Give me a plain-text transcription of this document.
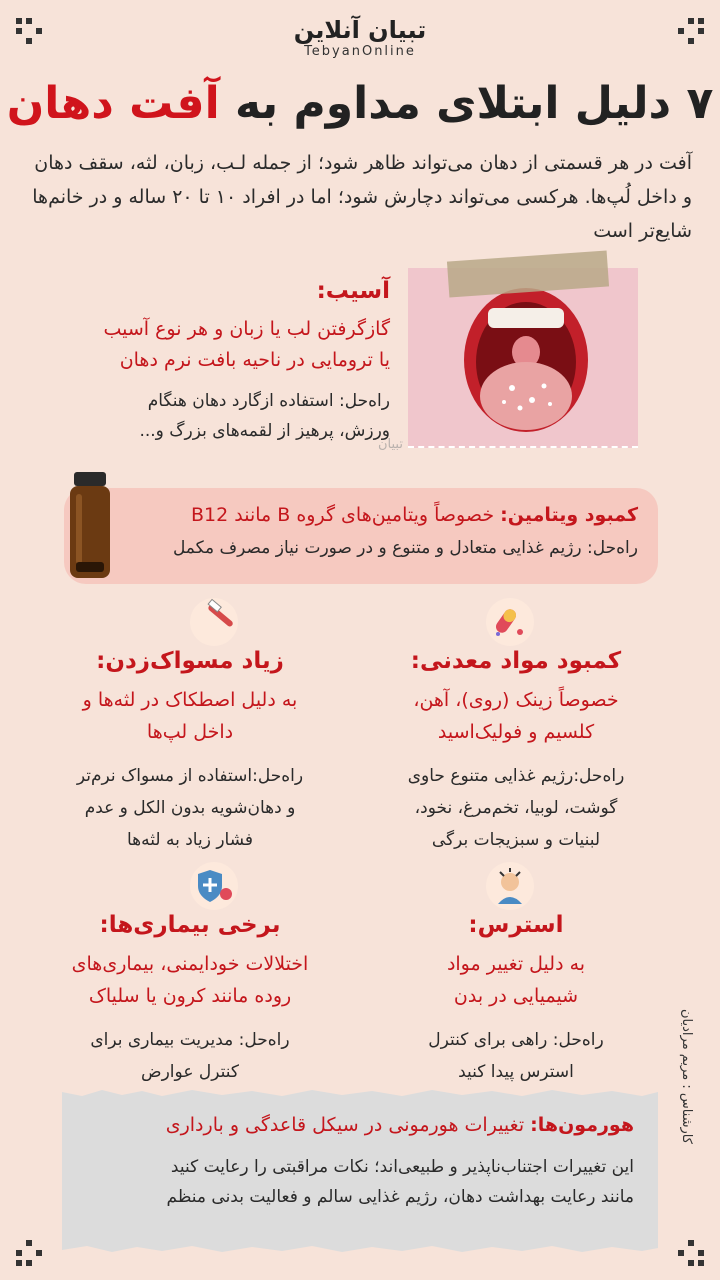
تبیان آنلاین
TebyanOnline
۷ دلیل ابتلای مداوم به آفت دهان
آفت در هر قسمتی از دهان می‌تواند ظاهر شود؛ از جمله لـب، زبان، لثه، سقف دهان و داخل لُپ‌ها. هرکسی می‌تواند دچارش شود؛ اما در افراد ۱۰ تا ۲۰ ساله و در خانم‌ها شایع‌تر است
تبیان
آسیب:
گازگرفتن لب یا زبان و هر نوع آسیب
یا ترومایی در ناحیه بافت نرم دهان
راه‌حل: استفاده ازگارد دهان هنگام
ورزش، پرهیز از لقمه‌های بزرگ و...
کمبود ویتامین: خصوصاً ویتامین‌های گروه B مانند B12
راه‌حل: رژیم غذایی متعادل و متنوع و در صورت نیاز مصرف مکمل
کمبود مواد معدنی:
خصوصاً زینک (روی)، آهن،
کلسیم و فولیک‌اسید
راه‌حل:رژیم غذایی متنوع حاوی
گوشت، لوبیا، تخم‌مرغ، نخود،
لبنیات و سبزیجات برگی
زیاد مسواک‌زدن:
به دلیل اصطکاک در لثه‌ها و
داخل لپ‌ها
راه‌حل:استفاده از مسواک نرم‌تر
و دهان‌شویه بدون الکل و عدم
فشار زیاد به لثه‌ها
استرس:
به دلیل تغییر مواد
شیمیایی در بدن
راه‌حل: راهی برای کنترل
استرس پیدا کنید
برخی بیماری‌ها:
اختلالات خودایمنی، بیماری‌های
روده مانند کرون یا سلیاک
راه‌حل: مدیریت بیماری برای
کنترل عوارض	کارشناس : مریم مرادیان
هورمون‌ها: تغییرات هورمونی در سیکل قاعدگی و بارداری
این تغییرات اجتناب‌ناپذیر و طبیعی‌اند؛ نکات مراقبتی را رعایت کنید
مانند رعایت بهداشت دهان، رژیم غذایی سالم و فعالیت بدنی منظم
